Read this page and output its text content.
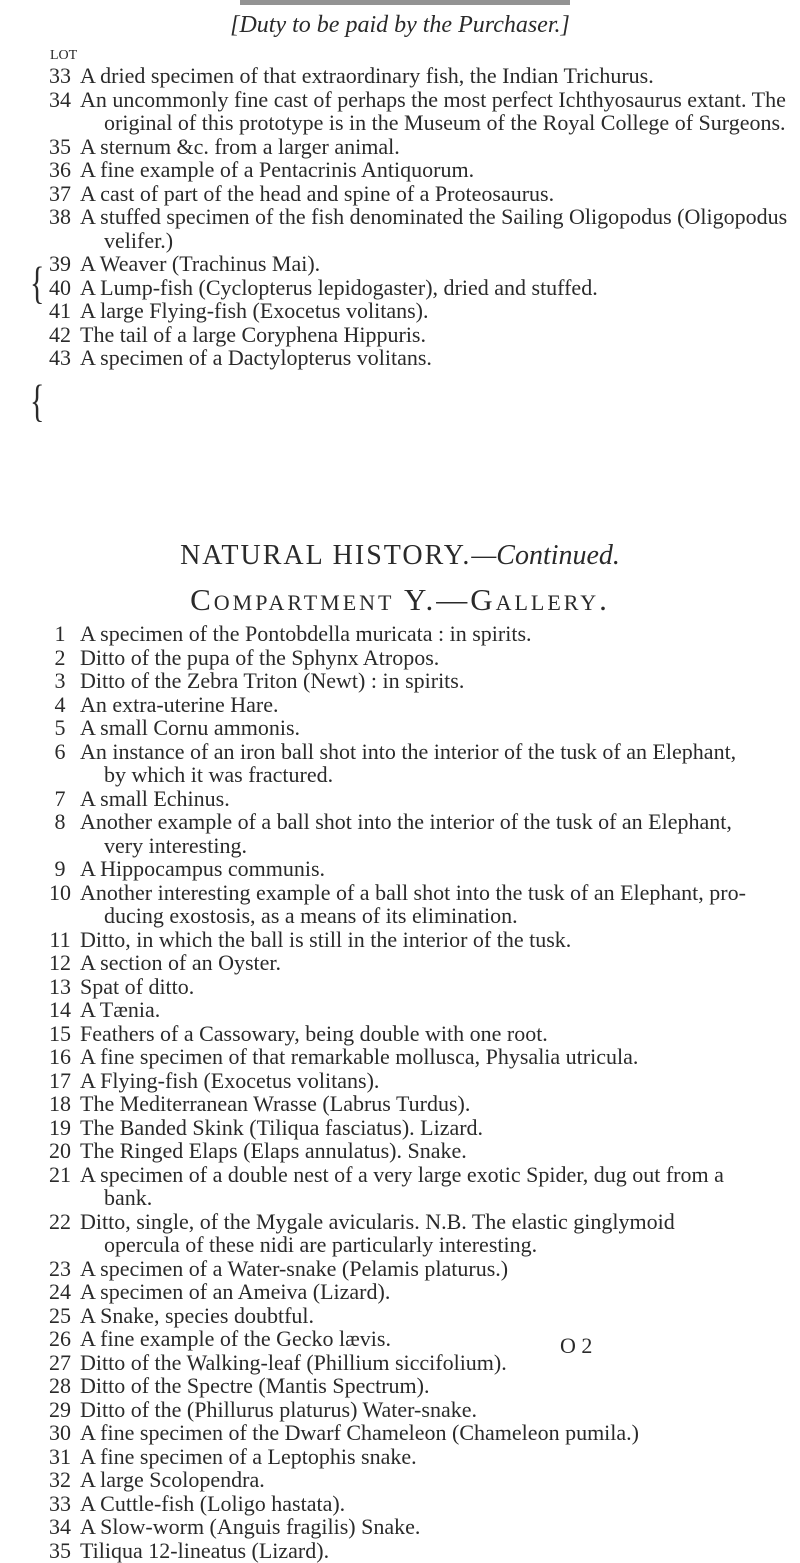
[Duty to be paid by the Purchaser.]
LOT
33 A dried specimen of that extraordinary fish, the Indian Trichurus.
34 An uncommonly fine cast of perhaps the most perfect Ichthyosaurus extant. The
original of this prototype is in the Museum of the Royal College of Surgeons.
35 A sternum &c. from a larger animal.
36 A fine example of a Pentacrinis Antiquorum.
37 A cast of part of the head and spine of a Proteosaurus.
38 A stuffed specimen of the fish denominated the Sailing Oligopodus (Oligopodus
velifer.)
39 A Weaver (Trachinus Mai).
40 A Lump-fish (Cyclopterus lepidogaster), dried and stuffed.
41 A large Flying-fish (Exocetus volitans).
42 The tail of a large Coryphena Hippuris.
43 A specimen of a Dactylopterus volitans.
{
{
NATURAL HISTORY.—Continued.
Compartment Y.—Gallery.
1 A specimen of the Pontobdella muricata : in spirits.
2 Ditto of the pupa of the Sphynx Atropos.
3 Ditto of the Zebra Triton (Newt) : in spirits.
4 An extra-uterine Hare.
5 A small Cornu ammonis.
6 An instance of an iron ball shot into the interior of the tusk of an Elephant,
by which it was fractured.
7 A small Echinus.
8 Another example of a ball shot into the interior of the tusk of an Elephant,
very interesting.
9 A Hippocampus communis.
10 Another interesting example of a ball shot into the tusk of an Elephant, pro-
ducing exostosis, as a means of its elimination.
11 Ditto, in which the ball is still in the interior of the tusk.
12 A section of an Oyster.
13 Spat of ditto.
14 A Tænia.
15 Feathers of a Cassowary, being double with one root.
16 A fine specimen of that remarkable mollusca, Physalia utricula.
17 A Flying-fish (Exocetus volitans).
18 The Mediterranean Wrasse (Labrus Turdus).
19 The Banded Skink (Tiliqua fasciatus). Lizard.
20 The Ringed Elaps (Elaps annulatus). Snake.
21 A specimen of a double nest of a very large exotic Spider, dug out from a
bank.
22 Ditto, single, of the Mygale avicularis. N.B. The elastic ginglymoid
opercula of these nidi are particularly interesting.
23 A specimen of a Water-snake (Pelamis platurus.)
24 A specimen of an Ameiva (Lizard).
25 A Snake, species doubtful.
26 A fine example of the Gecko lævis.
27 Ditto of the Walking-leaf (Phillium siccifolium).
28 Ditto of the Spectre (Mantis Spectrum).
29 Ditto of the (Phillurus platurus) Water-snake.
30 A fine specimen of the Dwarf Chameleon (Chameleon pumila.)
31 A fine specimen of a Leptophis snake.
32 A large Scolopendra.
33 A Cuttle-fish (Loligo hastata).
34 A Slow-worm (Anguis fragilis) Snake.
35 Tiliqua 12-lineatus (Lizard).
O 2
